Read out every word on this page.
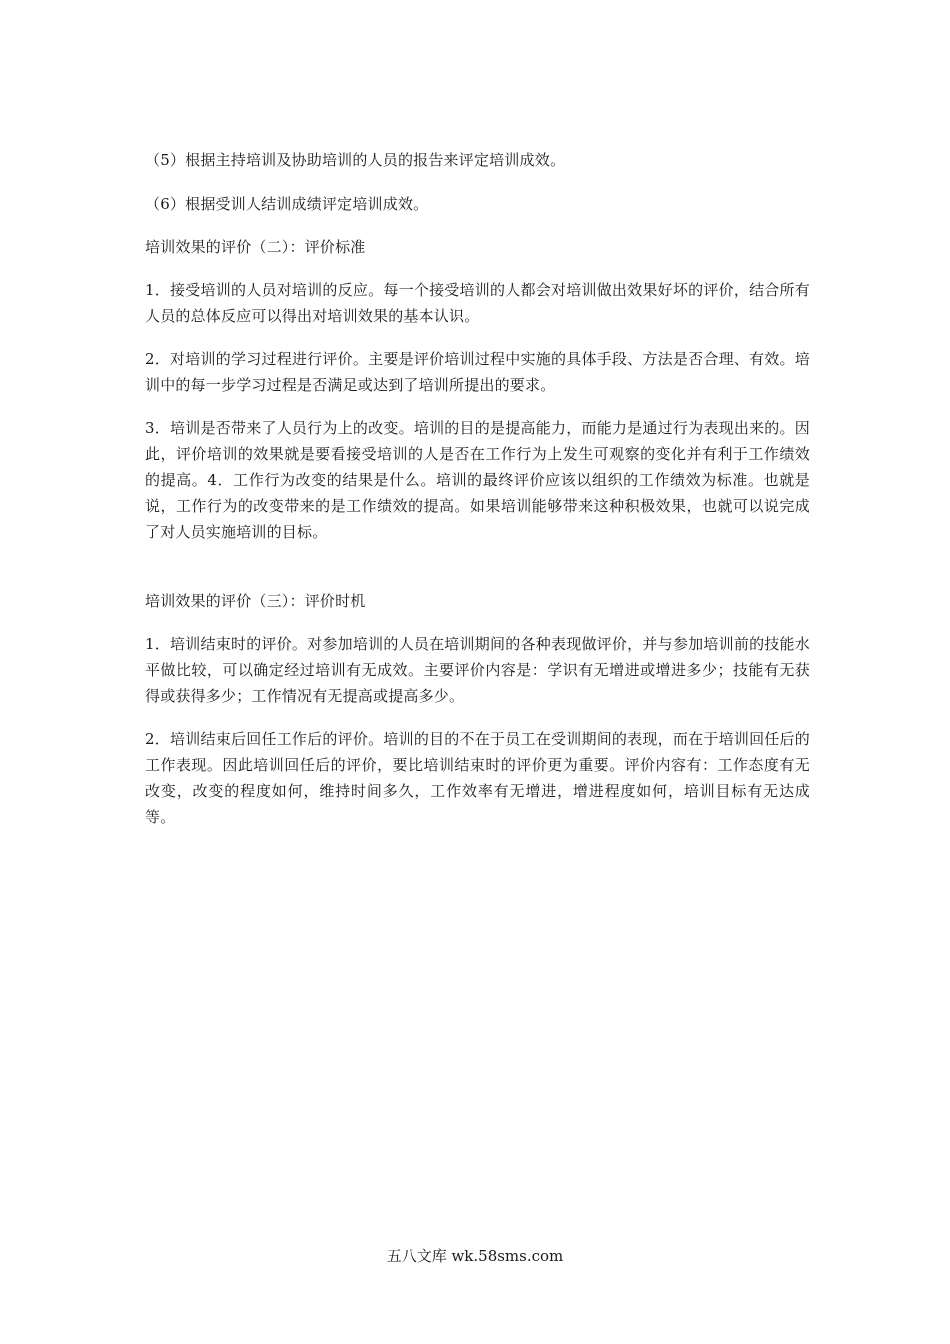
（5）根据主持培训及协助培训的人员的报告来评定培训成效。

（6）根据受训人结训成绩评定培训成效。

培训效果的评价（二）：评价标准

1．接受培训的人员对培训的反应。每一个接受培训的人都会对培训做出效果好坏的评价，结合所有人员的总体反应可以得出对培训效果的基本认识。

2．对培训的学习过程进行评价。主要是评价培训过程中实施的具体手段、方法是否合理、有效。培训中的每一步学习过程是否满足或达到了培训所提出的要求。

3．培训是否带来了人员行为上的改变。培训的目的是提高能力，而能力是通过行为表现出来的。因此，评价培训的效果就是要看接受培训的人是否在工作行为上发生可观察的变化并有利于工作绩效的提高。4．工作行为改变的结果是什么。培训的最终评价应该以组织的工作绩效为标准。也就是说，工作行为的改变带来的是工作绩效的提高。如果培训能够带来这种积极效果，也就可以说完成了对人员实施培训的目标。

培训效果的评价（三）：评价时机

1．培训结束时的评价。对参加培训的人员在培训期间的各种表现做评价，并与参加培训前的技能水平做比较，可以确定经过培训有无成效。主要评价内容是：学识有无增进或增进多少；技能有无获得或获得多少；工作情况有无提高或提高多少。

2．培训结束后回任工作后的评价。培训的目的不在于员工在受训期间的表现，而在于培训回任后的工作表现。因此培训回任后的评价，要比培训结束时的评价更为重要。评价内容有：工作态度有无改变，改变的程度如何，维持时间多久，工作效率有无增进，增进程度如何，培训目标有无达成等。

五八文库 wk.58sms.com
